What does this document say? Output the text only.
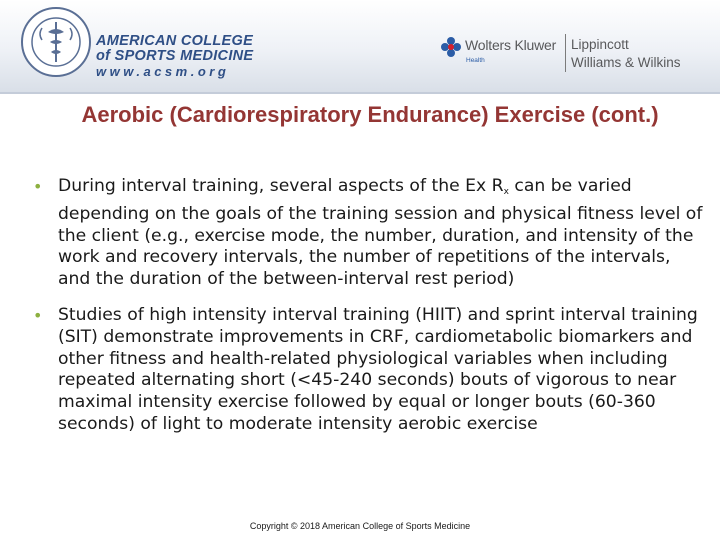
AMERICAN COLLEGE
of SPORTS MEDICINE
www.acsm.org
Wolters Kluwer
Health
Lippincott
Williams & Wilkins
Aerobic (Cardiorespiratory Endurance) Exercise (cont.)
• During interval training, several aspects of the Ex $R_x$ can be varied depending on the goals of the training session and physical fitness level of the client (e.g., exercise mode, the number, duration, and intensity of the work and recovery intervals, the number of repetitions of the intervals, and the duration of the between-interval rest period)
• Studies of high intensity interval training (HIIT) and sprint interval training (SIT) demonstrate improvements in CRF, cardiometabolic biomarkers and other fitness and health-related physiological variables when including repeated alternating short (<45-240 seconds) bouts of vigorous to near maximal intensity exercise followed by equal or longer bouts (60-360 seconds) of light to moderate intensity aerobic exercise
Copyright © 2018 American College of Sports Medicine
